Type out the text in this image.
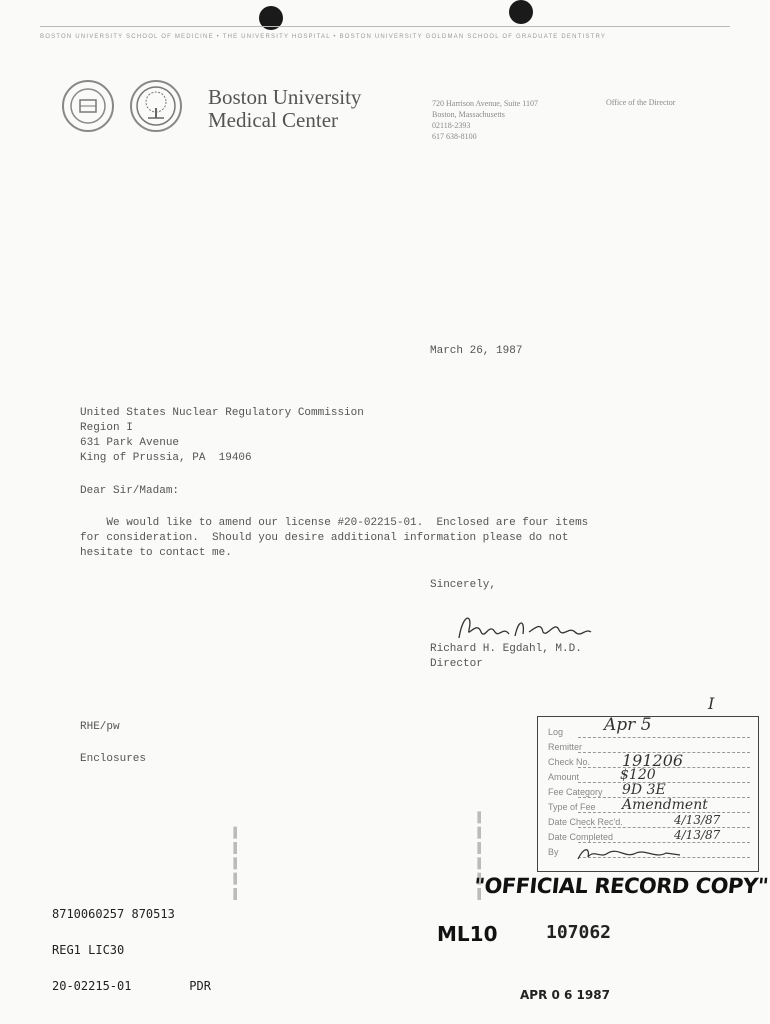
BOSTON UNIVERSITY SCHOOL OF MEDICINE • THE UNIVERSITY HOSPITAL • BOSTON UNIVERSITY GOLDMAN SCHOOL OF GRADUATE DENTISTRY
Boston University
Medical Center
720 Harrison Avenue, Suite 1107
Boston, Massachusetts
02118-2393
617 638-8100
Office of the Director
March 26, 1987
United States Nuclear Regulatory Commission
Region I
631 Park Avenue
King of Prussia, PA  19406
Dear Sir/Madam:
We would like to amend our license #20-02215-01.  Enclosed are four items
for consideration.  Should you desire additional information please do not
hesitate to contact me.
Sincerely,
Richard H. Egdahl, M.D.
Director
RHE/pw
Enclosures
Log
Remitter
Check No.
Amount
Fee Category
Type of Fee
Date Check Rec'd.
Date Completed
By
Apr 5
191206
$120
9D 3E
Amendment
4/13/87
4/13/87
I
▬ ▬ ▬ ▬ ▬	▬ ▬ ▬ ▬ ▬ ▬
"OFFICIAL RECORD COPY"
ML10	107062
APR 0 6 1987

8710060257 870513

REG1 LIC30

20-02215-01        PDR
